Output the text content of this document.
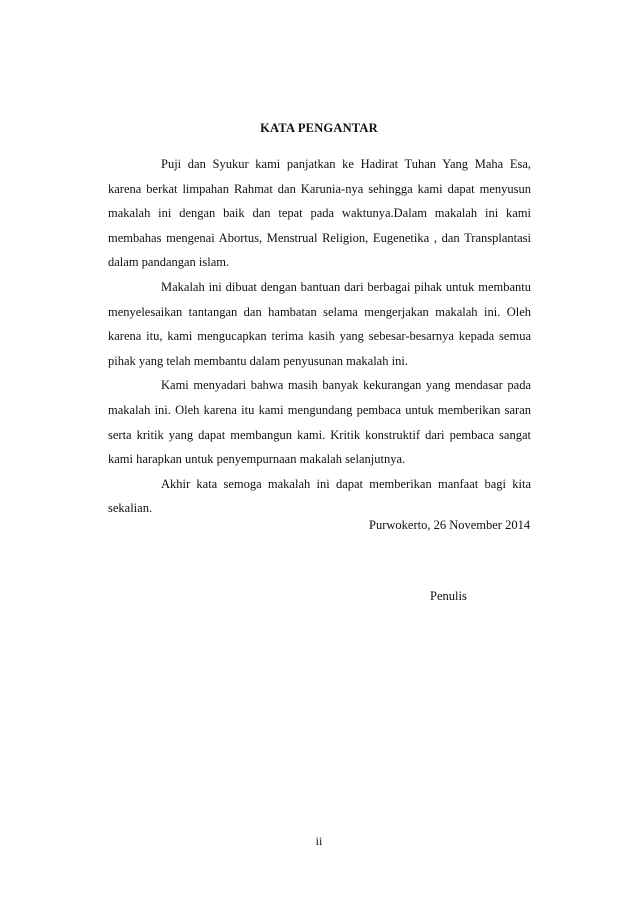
KATA PENGANTAR

Puji dan Syukur kami panjatkan ke Hadirat Tuhan Yang Maha Esa, karena berkat limpahan Rahmat dan Karunia-nya sehingga kami dapat menyusun makalah ini dengan baik dan tepat pada waktunya.Dalam makalah ini kami membahas mengenai Abortus, Menstrual Religion, Eugenetika , dan Transplantasi dalam pandangan islam.

Makalah ini dibuat dengan bantuan dari berbagai pihak untuk membantu menyelesaikan tantangan dan hambatan selama mengerjakan makalah ini. Oleh karena itu, kami mengucapkan terima kasih yang sebesar-besarnya kepada semua pihak yang telah membantu dalam penyusunan makalah ini.

Kami menyadari bahwa masih banyak kekurangan yang mendasar pada makalah ini. Oleh karena itu kami mengundang pembaca untuk memberikan saran serta kritik yang dapat membangun kami. Kritik konstruktif dari pembaca sangat kami harapkan untuk penyempurnaan makalah selanjutnya.

Akhir kata semoga makalah ini dapat memberikan manfaat bagi kita sekalian.

Purwokerto, 26 November 2014
Penulis
ii
